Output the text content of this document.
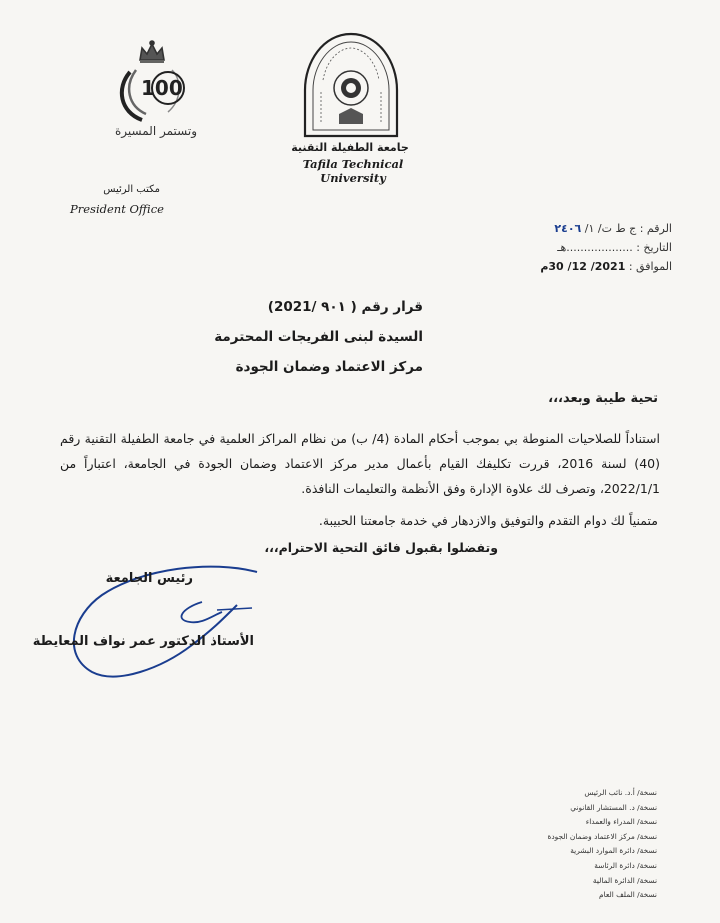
100
وتستمر المسيرة
جامعة الطفيلة التقنية
Tafila Technical University
مكتب الرئيس
President Office
الرقم : ج ط ت/ ١/ ٢٤٠٦
التاريخ : ...................هـ
الموافق : 2021/ 12/ 30م
قرار رقم ( ٩٠١ /2021)
السيدة لبنى الفريجات المحترمة
مركز الاعتماد وضمان الجودة
تحية طيبة وبعد،،،
استناداً للصلاحيات المنوطة بي بموجب أحكام المادة (4/ ب) من نظام المراكز العلمية في جامعة الطفيلة التقنية رقم (40) لسنة 2016، قررت تكليفك القيام بأعمال مدير مركز الاعتماد وضمان الجودة في الجامعة، اعتباراً من 2022/1/1، وتصرف لك علاوة الإدارة وفق الأنظمة والتعليمات النافذة.
متمنياً لك دوام التقدم والتوفيق والازدهار في خدمة جامعتنا الحبيبة.
وتفضلوا بقبول فائق التحية الاحترام،،،
رئيس الجامعة
الأستاذ الدكتور عمر نواف المعايطة
نسخة/ أ.د. نائب الرئيس
نسخة/ د. المستشار القانوني
نسخة/ المدراء والعمداء
نسخة/ مركز الاعتماد وضمان الجودة
نسخة/ دائرة الموارد البشرية
نسخة/ دائرة الرئاسة
نسخة/ الدائرة المالية
نسخة/ الملف العام
